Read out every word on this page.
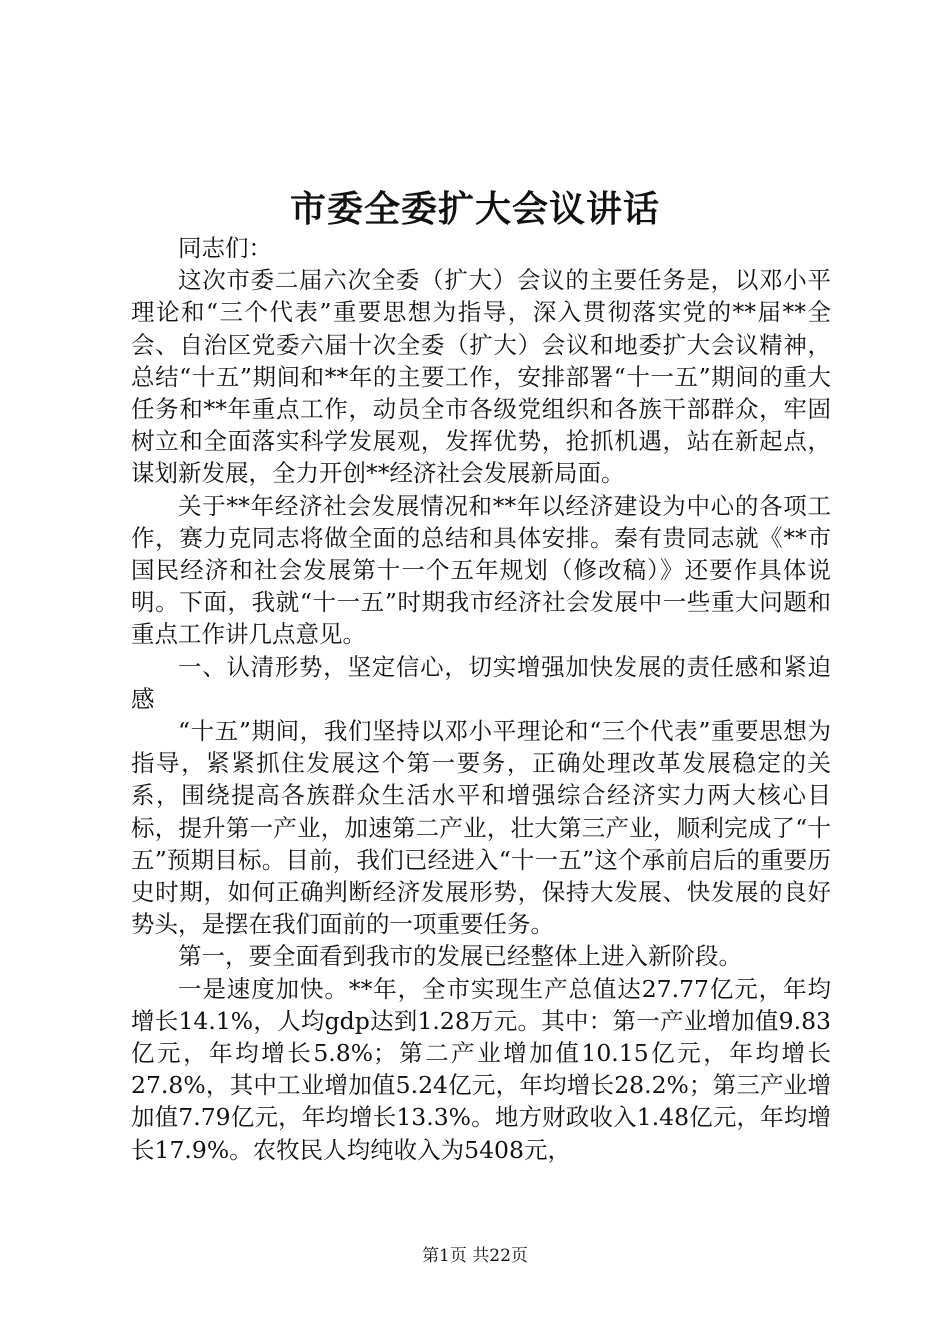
市委全委扩大会议讲话

同志们：

这次市委二届六次全委（扩大）会议的主要任务是，以邓小平理论和“三个代表”重要思想为指导，深入贯彻落实党的**届**全会、自治区党委六届十次全委（扩大）会议和地委扩大会议精神，总结“十五”期间和**年的主要工作，安排部署“十一五”期间的重大任务和**年重点工作，动员全市各级党组织和各族干部群众，牢固树立和全面落实科学发展观，发挥优势，抢抓机遇，站在新起点，谋划新发展，全力开创**经济社会发展新局面。

关于**年经济社会发展情况和**年以经济建设为中心的各项工作，赛力克同志将做全面的总结和具体安排。秦有贵同志就《**市国民经济和社会发展第十一个五年规划（修改稿）》还要作具体说明。下面，我就“十一五”时期我市经济社会发展中一些重大问题和重点工作讲几点意见。

一、认清形势，坚定信心，切实增强加快发展的责任感和紧迫感

“十五”期间，我们坚持以邓小平理论和“三个代表”重要思想为指导，紧紧抓住发展这个第一要务，正确处理改革发展稳定的关系，围绕提高各族群众生活水平和增强综合经济实力两大核心目标，提升第一产业，加速第二产业，壮大第三产业，顺利完成了“十五”预期目标。目前，我们已经进入“十一五”这个承前启后的重要历史时期，如何正确判断经济发展形势，保持大发展、快发展的良好势头，是摆在我们面前的一项重要任务。

第一，要全面看到我市的发展已经整体上进入新阶段。

一是速度加快。**年，全市实现生产总值达27.77亿元，年均增长14.1%，人均gdp达到1.28万元。其中：第一产业增加值9.83亿元，年均增长5.8%；第二产业增加值10.15亿元，年均增长27.8%，其中工业增加值5.24亿元，年均增长28.2%；第三产业增加值7.79亿元，年均增长13.3%。地方财政收入1.48亿元，年均增长17.9%。农牧民人均纯收入为5408元，

第1页 共22页
